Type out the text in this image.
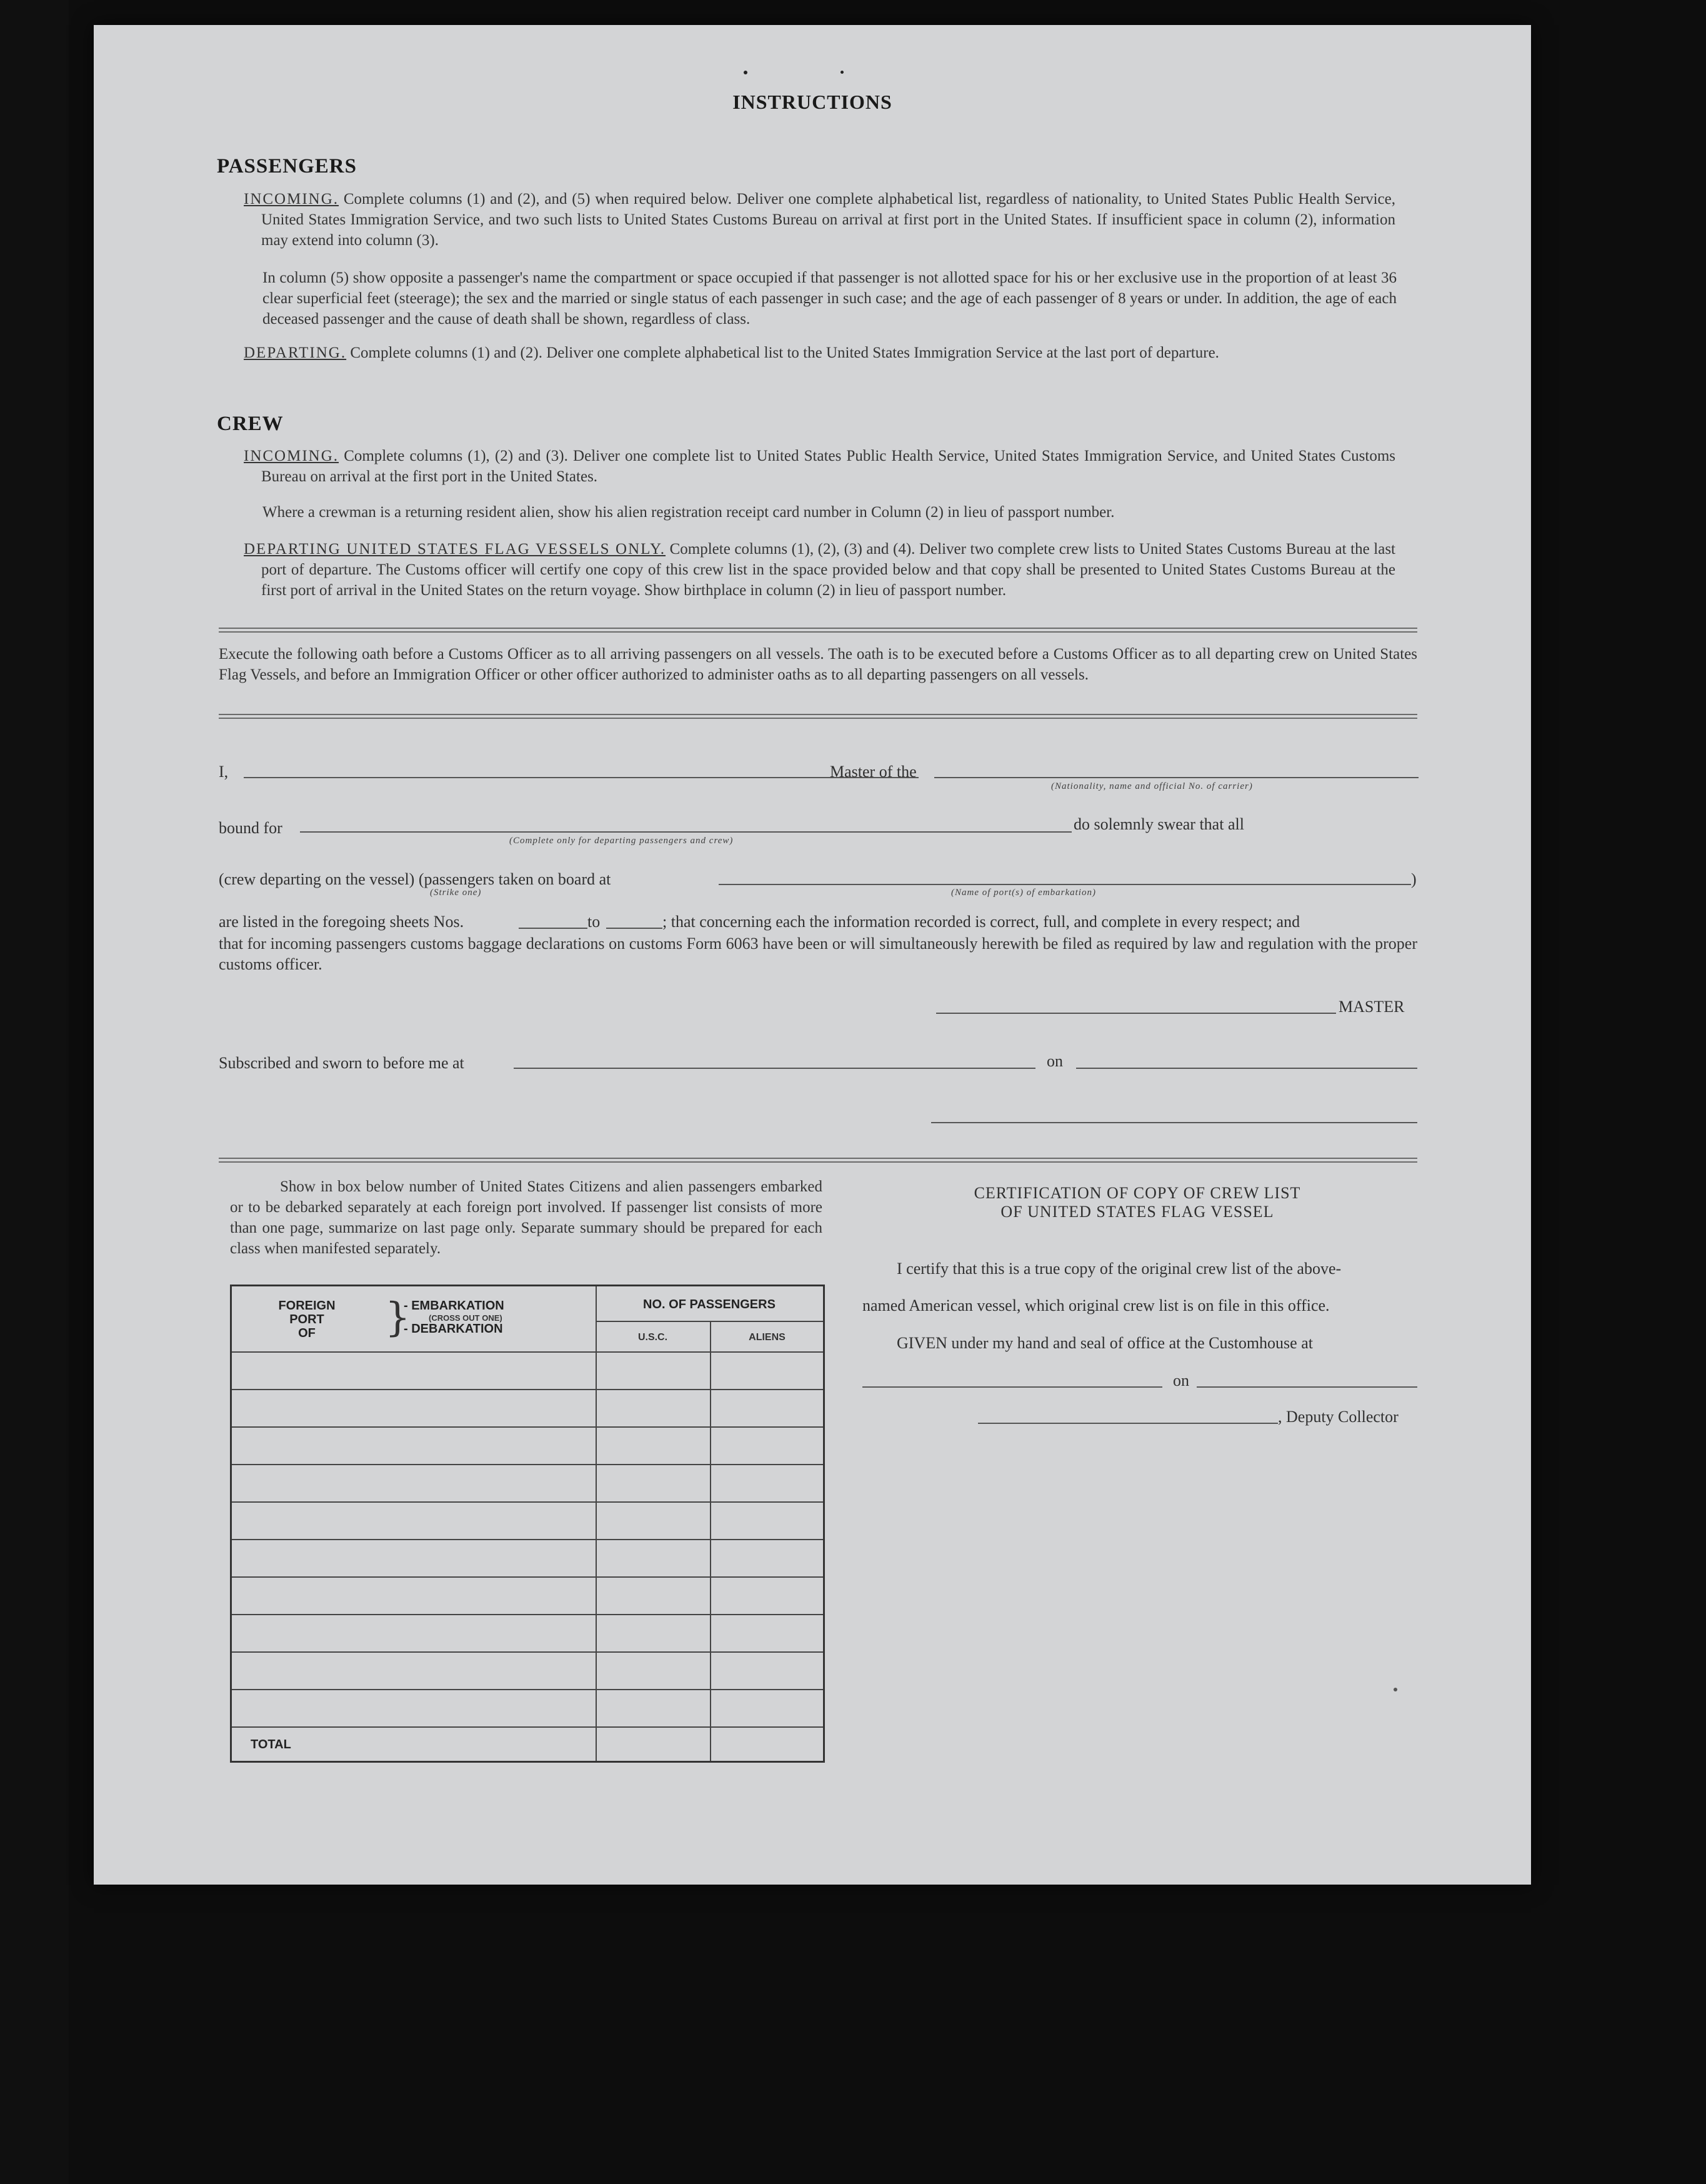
INSTRUCTIONS
PASSENGERS
INCOMING. Complete columns (1) and (2), and (5) when required below. Deliver one complete alphabetical list, regardless of nationality, to United States Public Health Service, United States Immigration Service, and two such lists to United States Customs Bureau on arrival at first port in the United States. If insufficient space in column (2), information may extend into column (3).
In column (5) show opposite a passenger's name the compartment or space occupied if that passenger is not allotted space for his or her exclusive use in the proportion of at least 36 clear superficial feet (steerage); the sex and the married or single status of each passenger in such case; and the age of each passenger of 8 years or under. In addition, the age of each deceased passenger and the cause of death shall be shown, regardless of class.
DEPARTING. Complete columns (1) and (2). Deliver one complete alphabetical list to the United States Immigration Service at the last port of departure.
CREW
INCOMING. Complete columns (1), (2) and (3). Deliver one complete list to United States Public Health Service, United States Immigration Service, and United States Customs Bureau on arrival at the first port in the United States.
Where a crewman is a returning resident alien, show his alien registration receipt card number in Column (2) in lieu of passport number.
DEPARTING UNITED STATES FLAG VESSELS ONLY. Complete columns (1), (2), (3) and (4). Deliver two complete crew lists to United States Customs Bureau at the last port of departure. The Customs officer will certify one copy of this crew list in the space provided below and that copy shall be presented to United States Customs Bureau at the first port of arrival in the United States on the return voyage. Show birthplace in column (2) in lieu of passport number.
Execute the following oath before a Customs Officer as to all arriving passengers on all vessels. The oath is to be executed before a Customs Officer as to all departing crew on United States Flag Vessels, and before an Immigration Officer or other officer authorized to administer oaths as to all departing passengers on all vessels.
I,	Master of the
(Nationality, name and official No. of carrier)
bound for
(Complete only for departing passengers and crew)
do solemnly swear that all
(crew departing on the vessel) (passengers taken on board at	)
(Strike one)	(Name of port(s) of embarkation)
are listed in the foregoing sheets Nos.	to	; that concerning each the information recorded is correct, full, and complete in every respect; and
that for incoming passengers customs baggage declarations on customs Form 6063 have been or will simultaneously herewith be filed as required by law and regulation with the proper customs officer.
MASTER
Subscribed and sworn to before me at	on
Show in box below number of United States Citizens and alien passengers embarked or to be debarked separately at each foreign port involved. If passenger list consists of more than one page, summarize on last page only. Separate summary should be prepared for each class when manifested separately.
FOREIGN
PORT
OF	}
- EMBARKATION
(CROSS OUT ONE)
- DEBARKATION
NO. OF PASSENGERS
U.S.C.	ALIENS
TOTAL
CERTIFICATION OF COPY OF CREW LIST
OF UNITED STATES FLAG VESSEL
I certify that this is a true copy of the original crew list of the above-
named American vessel, which original crew list is on file in this office.
GIVEN under my hand and seal of office at the Customhouse at
on
, Deputy Collector
